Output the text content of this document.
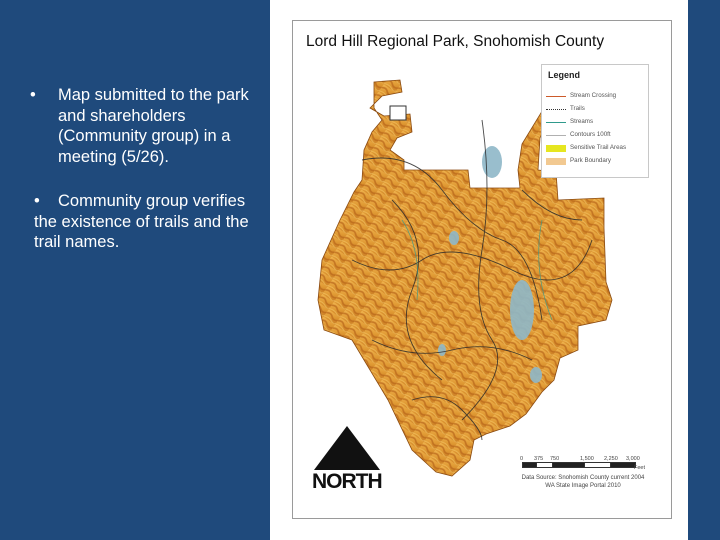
• Map submitted to the park and shareholders (Community group) in a meeting (5/26).
• Community group verifies the existence of trails and the trail names.
Lord Hill Regional Park, Snohomish County
Legend
Stream Crossing
Trails
Streams
Contours 100ft
Sensitive Trail Areas
Park Boundary
NORTH
0 375 750	1,500 2,250 3,000
Feet
Data Source: Snohomish County current 2004
WA State Image Portal 2010
